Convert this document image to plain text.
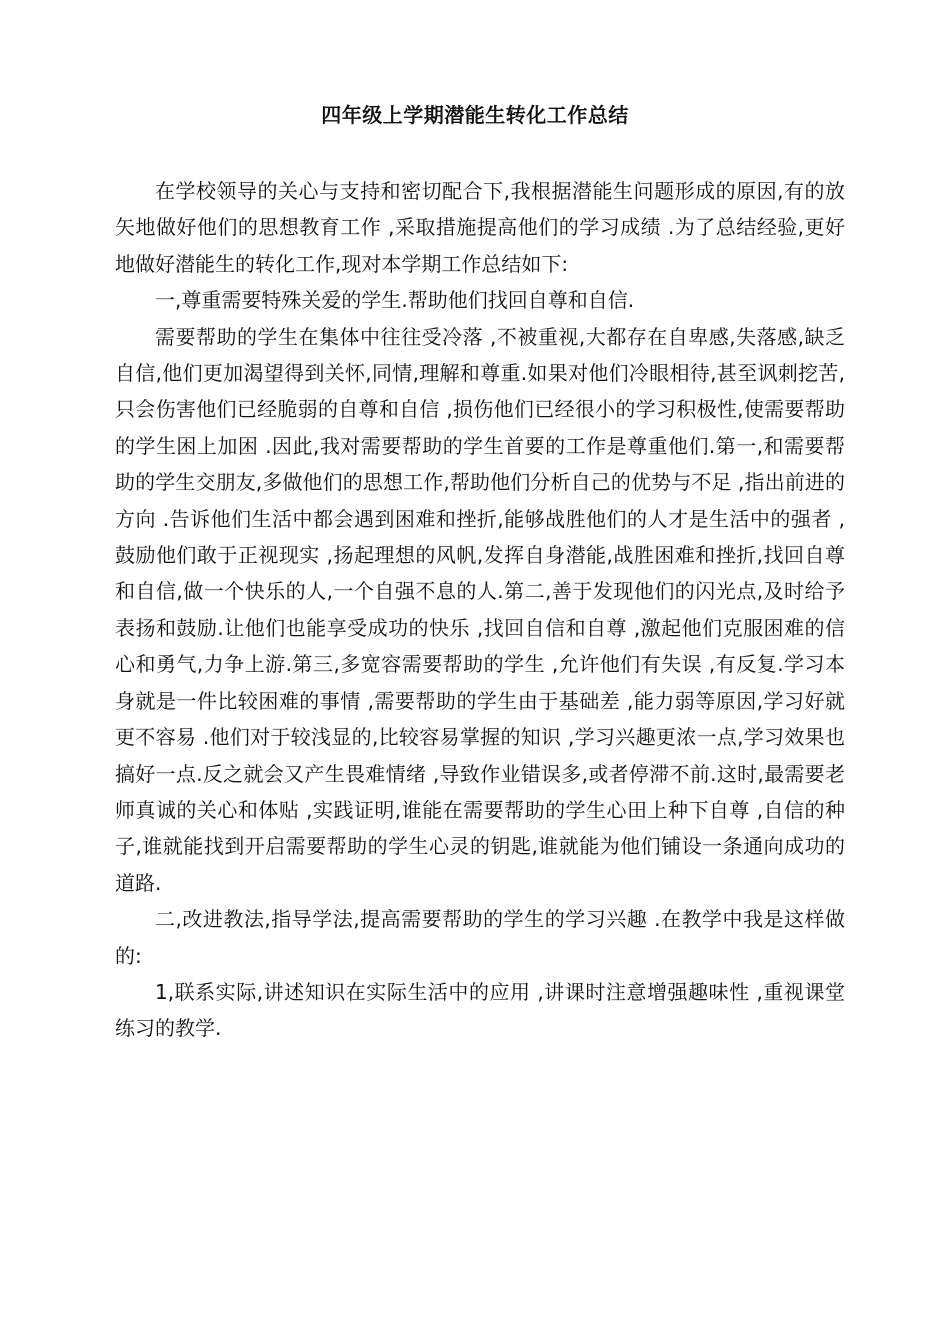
四年级上学期潜能生转化工作总结

在学校领导的关心与支持和密切配合下,我根据潜能生问题形成的原因,有的放矢地做好他们的思想教育工作 ,采取措施提高他们的学习成绩 .为了总结经验,更好地做好潜能生的转化工作,现对本学期工作总结如下:

一,尊重需要特殊关爱的学生.帮助他们找回自尊和自信.

需要帮助的学生在集体中往往受冷落 ,不被重视,大都存在自卑感,失落感,缺乏自信,他们更加渴望得到关怀,同情,理解和尊重.如果对他们冷眼相待,甚至讽刺挖苦,只会伤害他们已经脆弱的自尊和自信 ,损伤他们已经很小的学习积极性,使需要帮助的学生困上加困 .因此,我对需要帮助的学生首要的工作是尊重他们.第一,和需要帮助的学生交朋友,多做他们的思想工作,帮助他们分析自己的优势与不足 ,指出前进的方向 .告诉他们生活中都会遇到困难和挫折,能够战胜他们的人才是生活中的强者 ,鼓励他们敢于正视现实 ,扬起理想的风帆,发挥自身潜能,战胜困难和挫折,找回自尊和自信,做一个快乐的人,一个自强不息的人.第二,善于发现他们的闪光点,及时给予表扬和鼓励.让他们也能享受成功的快乐 ,找回自信和自尊 ,激起他们克服困难的信心和勇气,力争上游.第三,多宽容需要帮助的学生 ,允许他们有失误 ,有反复.学习本身就是一件比较困难的事情 ,需要帮助的学生由于基础差 ,能力弱等原因,学习好就更不容易 .他们对于较浅显的,比较容易掌握的知识 ,学习兴趣更浓一点,学习效果也搞好一点.反之就会又产生畏难情绪 ,导致作业错误多,或者停滞不前.这时,最需要老师真诚的关心和体贴 ,实践证明,谁能在需要帮助的学生心田上种下自尊 ,自信的种子,谁就能找到开启需要帮助的学生心灵的钥匙,谁就能为他们铺设一条通向成功的道路.

二,改进教法,指导学法,提高需要帮助的学生的学习兴趣 .在教学中我是这样做的:

1,联系实际,讲述知识在实际生活中的应用 ,讲课时注意增强趣味性 ,重视课堂练习的教学.
